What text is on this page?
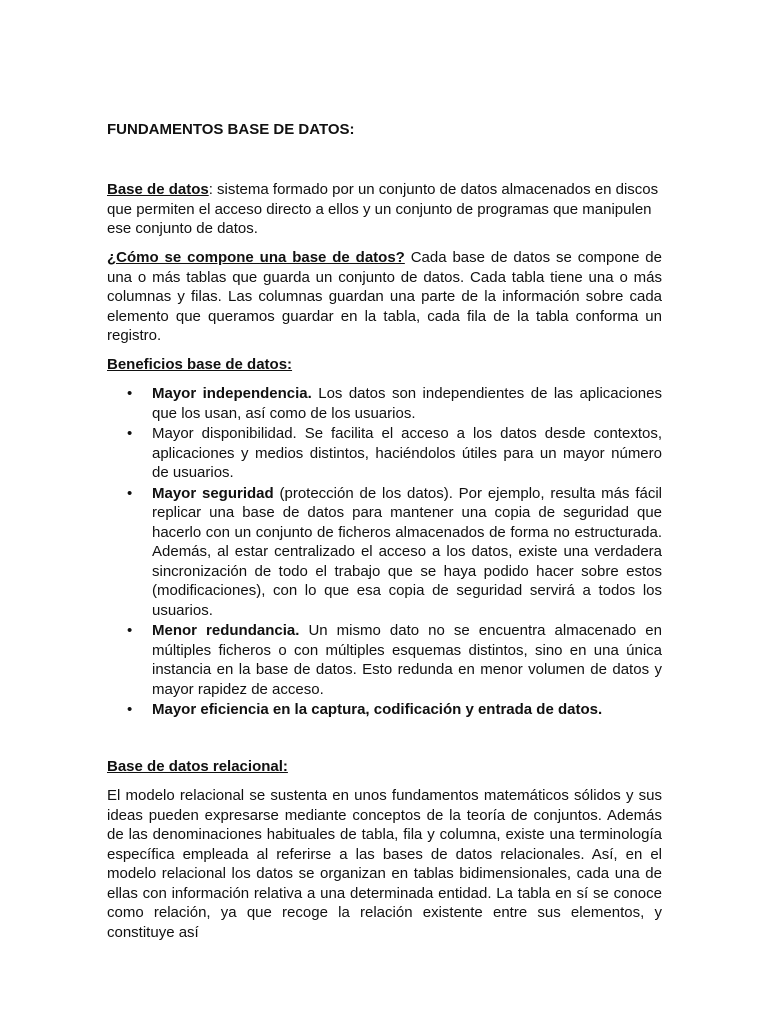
FUNDAMENTOS BASE DE DATOS:

Base de datos: sistema formado por un conjunto de datos almacenados en discos que permiten el acceso directo a ellos y un conjunto de programas que manipulen ese conjunto de datos.

¿Cómo se compone una base de datos? Cada base de datos se compone de una o más tablas que guarda un conjunto de datos. Cada tabla tiene una o más columnas y filas. Las columnas guardan una parte de la información sobre cada elemento que queramos guardar en la tabla, cada fila de la tabla conforma un registro.

Beneficios base de datos:

• Mayor independencia. Los datos son independientes de las aplicaciones que los usan, así como de los usuarios.
• Mayor disponibilidad. Se facilita el acceso a los datos desde contextos, aplicaciones y medios distintos, haciéndolos útiles para un mayor número de usuarios.
• Mayor seguridad (protección de los datos). Por ejemplo, resulta más fácil replicar una base de datos para mantener una copia de seguridad que hacerlo con un conjunto de ficheros almacenados de forma no estructurada. Además, al estar centralizado el acceso a los datos, existe una verdadera sincronización de todo el trabajo que se haya podido hacer sobre estos (modificaciones), con lo que esa copia de seguridad servirá a todos los usuarios.
• Menor redundancia. Un mismo dato no se encuentra almacenado en múltiples ficheros o con múltiples esquemas distintos, sino en una única instancia en la base de datos. Esto redunda en menor volumen de datos y mayor rapidez de acceso.
• Mayor eficiencia en la captura, codificación y entrada de datos.

Base de datos relacional:

El modelo relacional se sustenta en unos fundamentos matemáticos sólidos y sus ideas pueden expresarse mediante conceptos de la teoría de conjuntos. Además de las denominaciones habituales de tabla, fila y columna, existe una terminología específica empleada al referirse a las bases de datos relacionales. Así, en el modelo relacional los datos se organizan en tablas bidimensionales, cada una de ellas con información relativa a una determinada entidad. La tabla en sí se conoce como relación, ya que recoge la relación existente entre sus elementos, y constituye así
